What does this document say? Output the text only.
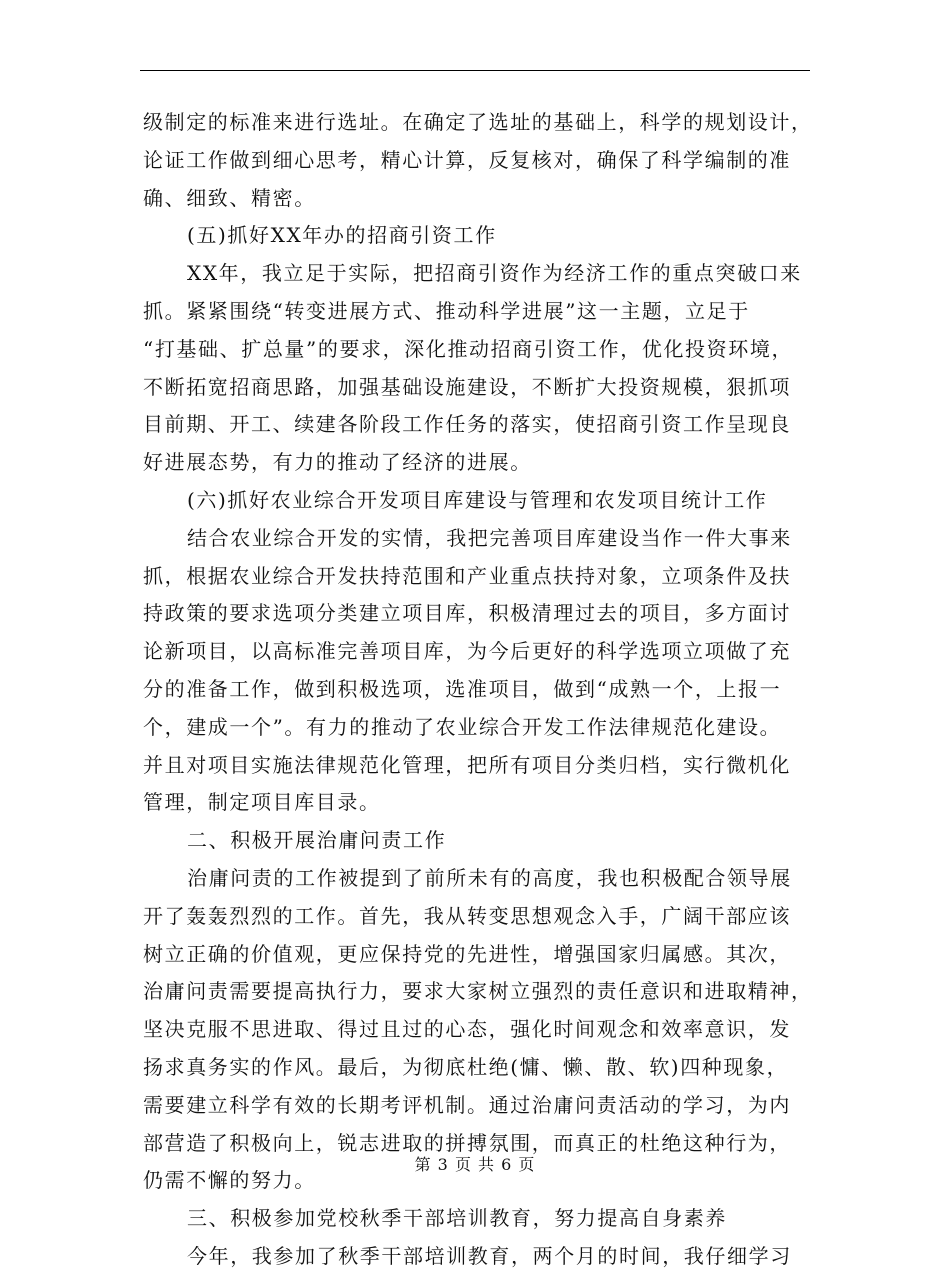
级制定的标准来进行选址。在确定了选址的基础上，科学的规划设计，
论证工作做到细心思考，精心计算，反复核对，确保了科学编制的准
确、细致、精密。
(五)抓好XX年办的招商引资工作
XX年，我立足于实际，把招商引资作为经济工作的重点突破口来
抓。紧紧围绕“转变进展方式、推动科学进展”这一主题，立足于
“打基础、扩总量”的要求，深化推动招商引资工作，优化投资环境，
不断拓宽招商思路，加强基础设施建设，不断扩大投资规模，狠抓项
目前期、开工、续建各阶段工作任务的落实，使招商引资工作呈现良
好进展态势，有力的推动了经济的进展。
(六)抓好农业综合开发项目库建设与管理和农发项目统计工作
结合农业综合开发的实情，我把完善项目库建设当作一件大事来
抓，根据农业综合开发扶持范围和产业重点扶持对象，立项条件及扶
持政策的要求选项分类建立项目库，积极清理过去的项目，多方面讨
论新项目，以高标准完善项目库，为今后更好的科学选项立项做了充
分的准备工作，做到积极选项，选准项目，做到“成熟一个，上报一
个，建成一个”。有力的推动了农业综合开发工作法律规范化建设。
并且对项目实施法律规范化管理，把所有项目分类归档，实行微机化
管理，制定项目库目录。
二、积极开展治庸问责工作
治庸问责的工作被提到了前所未有的高度，我也积极配合领导展
开了轰轰烈烈的工作。首先，我从转变思想观念入手，广阔干部应该
树立正确的价值观，更应保持党的先进性，增强国家归属感。其次，
治庸问责需要提高执行力，要求大家树立强烈的责任意识和进取精神，
坚决克服不思进取、得过且过的心态，强化时间观念和效率意识，发
扬求真务实的作风。最后，为彻底杜绝(慵、懒、散、软)四种现象，
需要建立科学有效的长期考评机制。通过治庸问责活动的学习，为内
部营造了积极向上，锐志进取的拼搏氛围，而真正的杜绝这种行为，
仍需不懈的努力。
三、积极参加党校秋季干部培训教育，努力提高自身素养
今年，我参加了秋季干部培训教育，两个月的时间，我仔细学习
第 3 页 共 6 页
